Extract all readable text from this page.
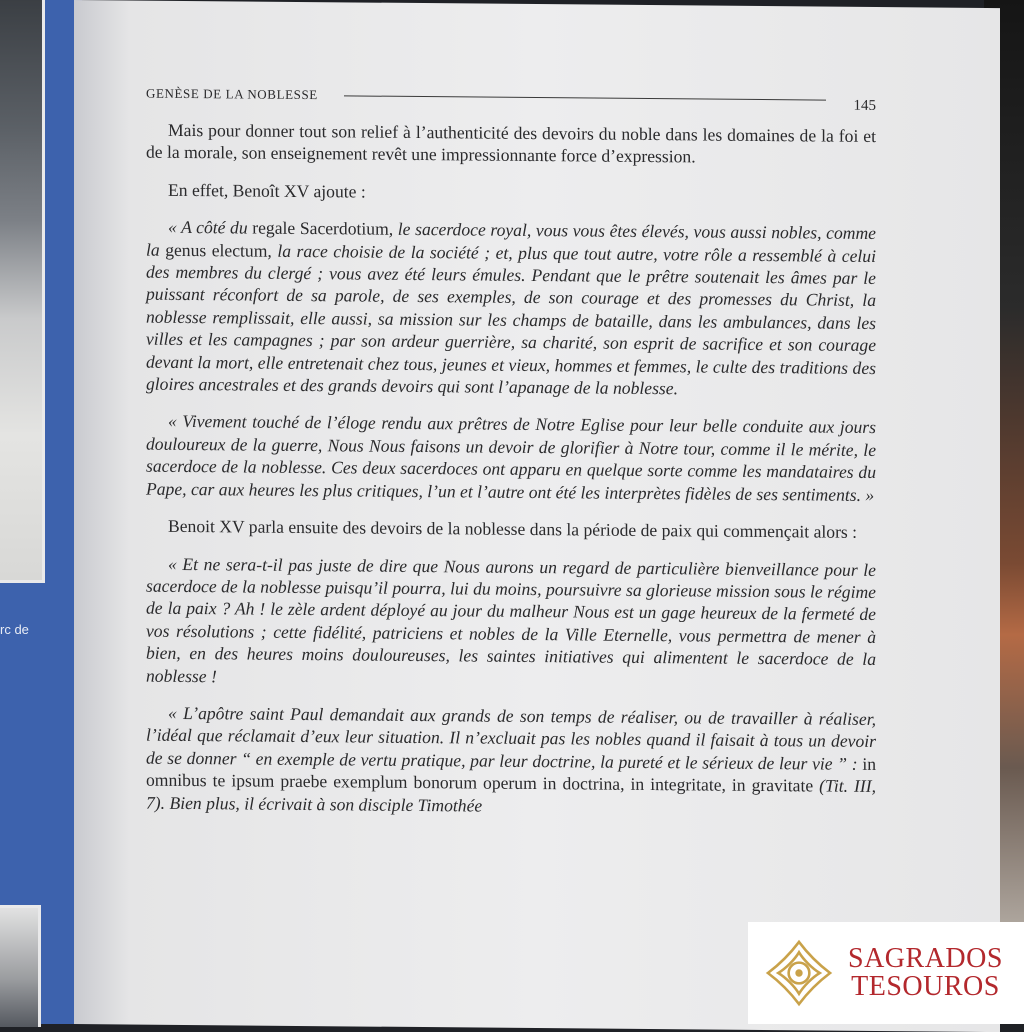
rc de
GENÈSE DE LA NOBLESSE
145

Mais pour donner tout son relief à l’authenticité des devoirs du noble dans les domaines de la foi et de la morale, son enseignement revêt une impressionnante force d’expression.

En effet, Benoît XV ajoute :

« A côté du regale Sacerdotium, le sacerdoce royal, vous vous êtes élevés, vous aussi nobles, comme la genus electum, la race choisie de la société ; et, plus que tout autre, votre rôle a ressemblé à celui des membres du clergé ; vous avez été leurs émules. Pendant que le prêtre soutenait les âmes par le puissant réconfort de sa parole, de ses exemples, de son courage et des promesses du Christ, la noblesse remplissait, elle aussi, sa mission sur les champs de bataille, dans les ambulances, dans les villes et les campagnes ; par son ardeur guerrière, sa charité, son esprit de sacrifice et son courage devant la mort, elle entretenait chez tous, jeunes et vieux, hommes et femmes, le culte des traditions des gloires ancestrales et des grands devoirs qui sont l’apanage de la noblesse.

« Vivement touché de l’éloge rendu aux prêtres de Notre Eglise pour leur belle conduite aux jours douloureux de la guerre, Nous Nous faisons un devoir de glorifier à Notre tour, comme il le mérite, le sacerdoce de la noblesse. Ces deux sacerdoces ont apparu en quelque sorte comme les mandataires du Pape, car aux heures les plus critiques, l’un et l’autre ont été les interprètes fidèles de ses sentiments. »

Benoit XV parla ensuite des devoirs de la noblesse dans la période de paix qui commençait alors :

« Et ne sera-t-il pas juste de dire que Nous aurons un regard de particulière bienveillance pour le sacerdoce de la noblesse puisqu’il pourra, lui du moins, poursuivre sa glorieuse mission sous le régime de la paix ? Ah ! le zèle ardent déployé au jour du malheur Nous est un gage heureux de la fermeté de vos résolutions ; cette fidélité, patriciens et nobles de la Ville Eternelle, vous permettra de mener à bien, en des heures moins douloureuses, les saintes initiatives qui alimentent le sacerdoce de la noblesse !

« L’apôtre saint Paul demandait aux grands de son temps de réaliser, ou de travailler à réaliser, l’idéal que réclamait d’eux leur situation. Il n’excluait pas les nobles quand il faisait à tous un devoir de se donner “ en exemple de vertu pratique, par leur doctrine, la pureté et le sérieux de leur vie ” : in omnibus te ipsum praebe exemplum bonorum operum in doctrina, in integritate, in gravitate (Tit. III, 7). Bien plus, il écrivait à son disciple Timothée

SAGRADOS
TESOUROS
